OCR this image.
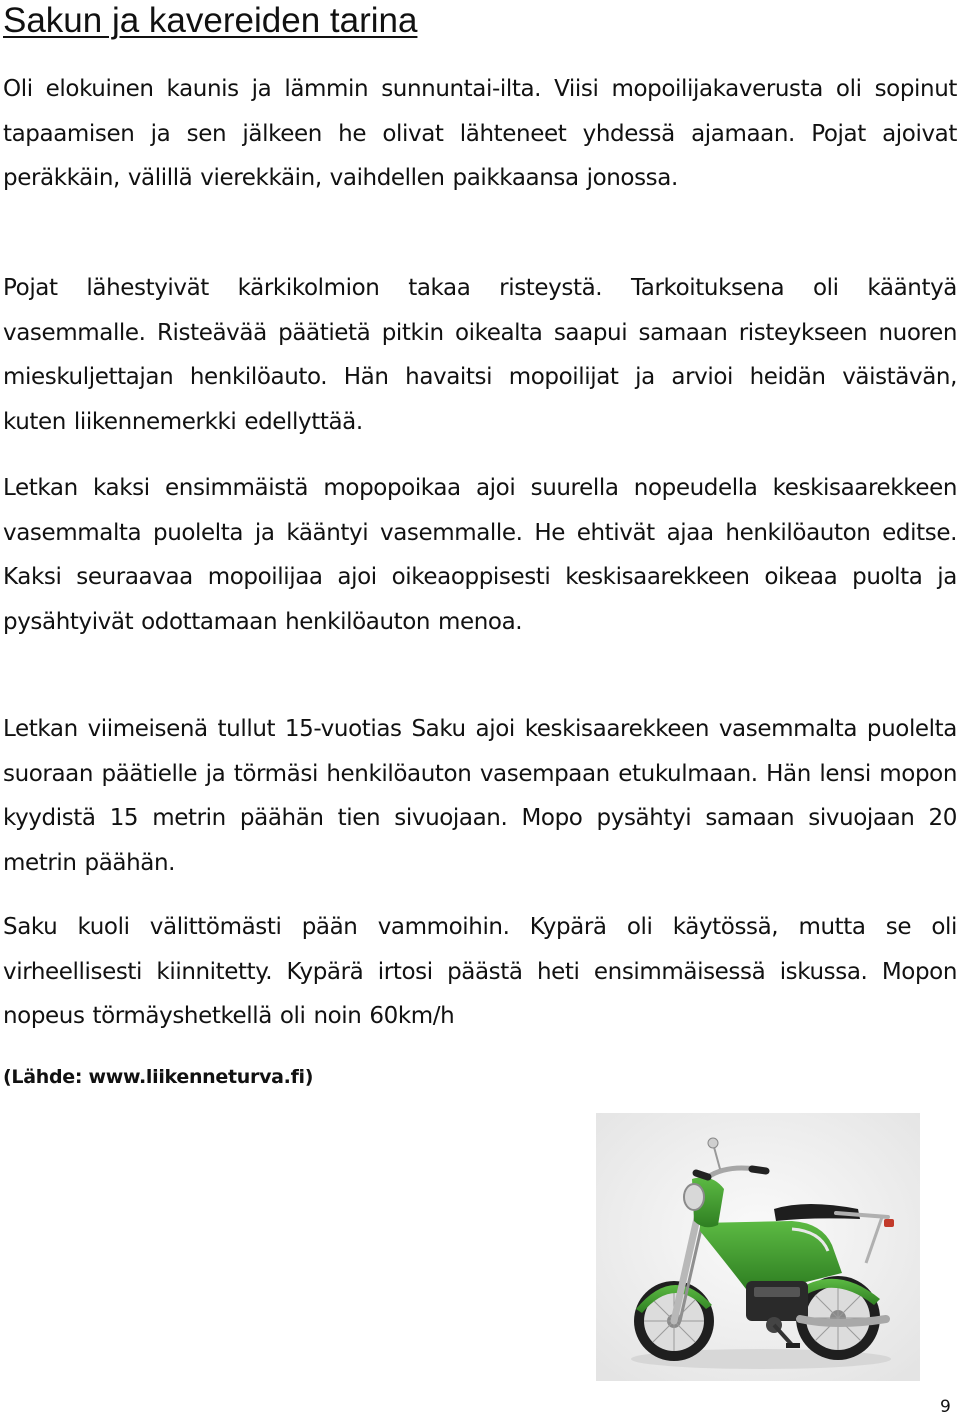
Sakun ja kavereiden tarina

Oli elokuinen kaunis ja lämmin sunnuntai-ilta. Viisi mopoilijakaverusta oli sopinut tapaamisen ja sen jälkeen he olivat lähteneet yhdessä ajamaan. Pojat ajoivat peräkkäin, välillä vierekkäin, vaihdellen paikkaansa jonossa.

Pojat lähestyivät kärkikolmion takaa risteystä. Tarkoituksena oli kääntyä vasemmalle. Risteävää päätietä pitkin oikealta saapui samaan risteykseen nuoren mieskuljettajan henkilöauto. Hän havaitsi mopoilijat ja arvioi heidän väistävän, kuten liikennemerkki edellyttää.

Letkan kaksi ensimmäistä mopopoikaa ajoi suurella nopeudella keskisaarekkeen vasemmalta puolelta ja kääntyi vasemmalle. He ehtivät ajaa henkilöauton editse. Kaksi seuraavaa mopoilijaa ajoi oikeaoppisesti keskisaarekkeen oikeaa puolta ja pysähtyivät odottamaan henkilöauton menoa.

Letkan viimeisenä tullut 15-vuotias Saku ajoi keskisaarekkeen vasemmalta puolelta suoraan päätielle ja törmäsi henkilöauton vasempaan etukulmaan. Hän lensi mopon kyydistä 15 metrin päähän tien sivuojaan. Mopo pysähtyi samaan sivuojaan 20 metrin päähän.

Saku kuoli välittömästi pään vammoihin. Kypärä oli käytössä, mutta se oli virheellisesti kiinnitetty. Kypärä irtosi päästä heti ensimmäisessä iskussa. Mopon nopeus törmäyshetkellä oli noin 60km/h

(Lähde: www.liikenneturva.fi)

9
